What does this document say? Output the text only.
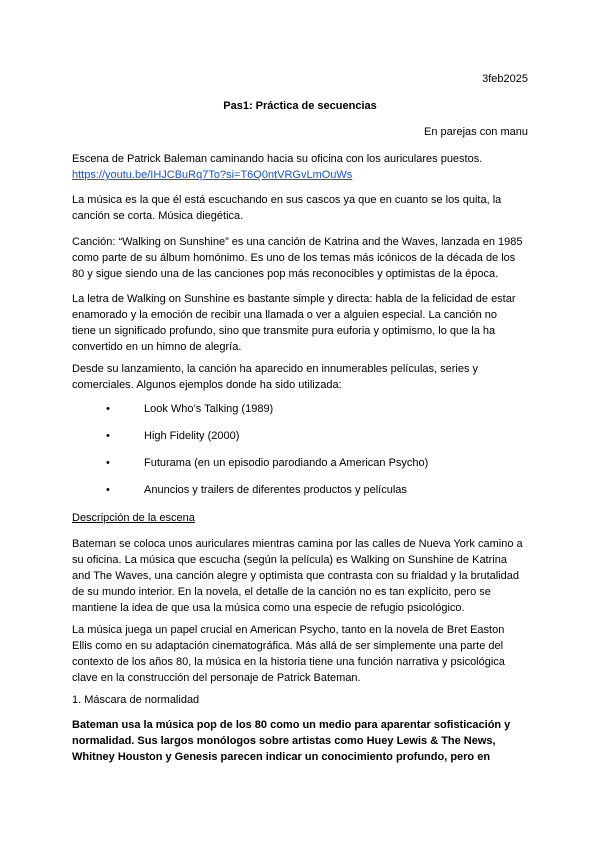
3feb2025
Pas1: Práctica de secuencias
En parejas con manu
Escena de Patrick Baleman caminando hacia su oficina con los auriculares puestos.
https://youtu.be/IHJCBuRq7To?si=T6Q0ntVRGvLmOuWs
La música es la que él está escuchando en sus cascos ya que en cuanto se los quita, la
canción se corta. Música diegética.
Canción: “Walking on Sunshine” es una canción de Katrina and the Waves, lanzada en 1985
como parte de su álbum homónimo. Es uno de los temas más icónicos de la década de los
80 y sigue siendo una de las canciones pop más reconocibles y optimistas de la época.
La letra de Walking on Sunshine es bastante simple y directa: habla de la felicidad de estar
enamorado y la emoción de recibir una llamada o ver a alguien especial. La canción no
tiene un significado profundo, sino que transmite pura euforia y optimismo, lo que la ha
convertido en un himno de alegría.
Desde su lanzamiento, la canción ha aparecido en innumerables películas, series y
comerciales. Algunos ejemplos donde ha sido utilizada:
•	Look Who’s Talking (1989)
•	High Fidelity (2000)
•	Futurama (en un episodio parodiando a American Psycho)
•	Anuncios y trailers de diferentes productos y películas
Descripción de la escena
Bateman se coloca unos auriculares mientras camina por las calles de Nueva York camino a
su oficina. La música que escucha (según la película) es Walking on Sunshine de Katrina
and The Waves, una canción alegre y optimista que contrasta con su frialdad y la brutalidad
de su mundo interior. En la novela, el detalle de la canción no es tan explícito, pero se
mantiene la idea de que usa la música como una especie de refugio psicológico.
La música juega un papel crucial en American Psycho, tanto en la novela de Bret Easton
Ellis como en su adaptación cinematográfica. Más allá de ser simplemente una parte del
contexto de los años 80, la música en la historia tiene una función narrativa y psicológica
clave en la construcción del personaje de Patrick Bateman.
1. Máscara de normalidad
Bateman usa la música pop de los 80 como un medio para aparentar sofisticación y
normalidad. Sus largos monólogos sobre artistas como Huey Lewis & The News,
Whitney Houston y Genesis parecen indicar un conocimiento profundo, pero en
